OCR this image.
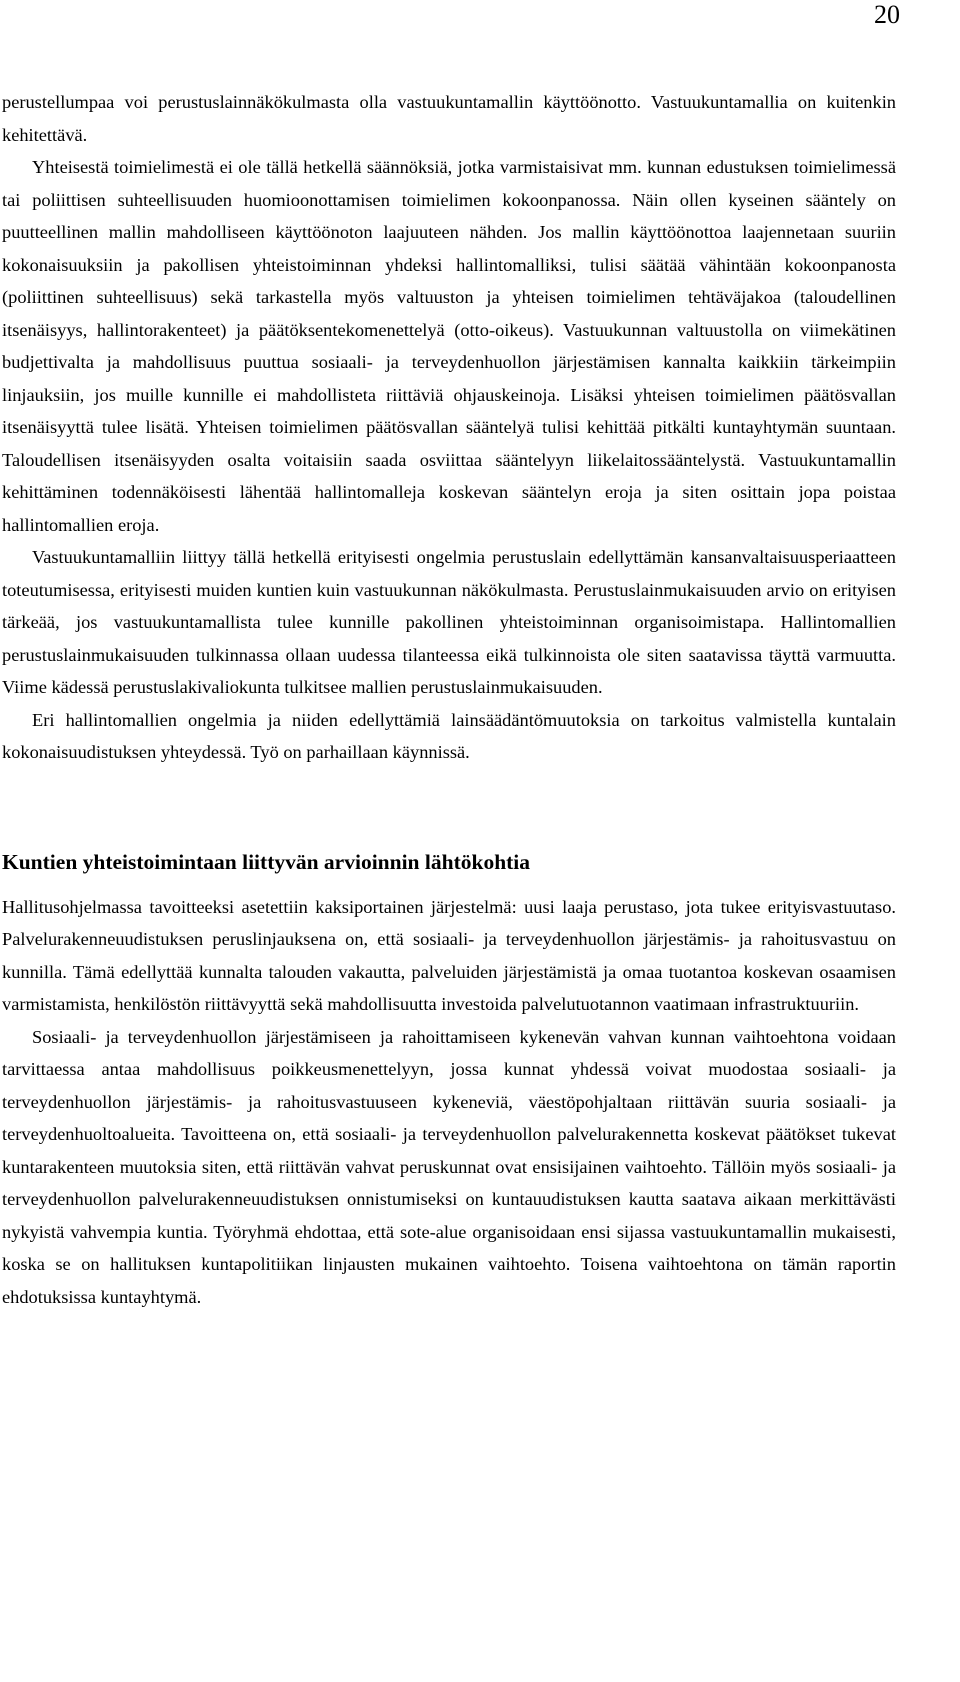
20

perustellumpaa voi perustuslainnäkökulmasta olla vastuukuntamallin käyttöönotto. Vastuukuntamallia on kuitenkin kehitettävä.

Yhteisestä toimielimestä ei ole tällä hetkellä säännöksiä, jotka varmistaisivat mm. kunnan edustuksen toimielimessä tai poliittisen suhteellisuuden huomioonottamisen toimielimen kokoonpanossa. Näin ollen kyseinen sääntely on puutteellinen mallin mahdolliseen käyttöönoton laajuuteen nähden. Jos mallin käyttöönottoa laajennetaan suuriin kokonaisuuksiin ja pakollisen yhteistoiminnan yhdeksi hallintomalliksi, tulisi säätää vähintään kokoonpanosta (poliittinen suhteellisuus) sekä tarkastella myös valtuuston ja yhteisen toimielimen tehtäväjakoa (taloudellinen itsenäisyys, hallintorakenteet) ja päätöksentekomenettelyä (otto-oikeus). Vastuukunnan valtuustolla on viimekätinen budjettivalta ja mahdollisuus puuttua sosiaali- ja terveydenhuollon järjestämisen kannalta kaikkiin tärkeimpiin linjauksiin, jos muille kunnille ei mahdollisteta riittäviä ohjauskeinoja. Lisäksi yhteisen toimielimen päätösvallan itsenäisyyttä tulee lisätä. Yhteisen toimielimen päätösvallan sääntelyä tulisi kehittää pitkälti kuntayhtymän suuntaan. Taloudellisen itsenäisyyden osalta voitaisiin saada osviittaa sääntelyyn liikelaitossääntelystä. Vastuukuntamallin kehittäminen todennäköisesti lähentää hallintomalleja koskevan sääntelyn eroja ja siten osittain jopa poistaa hallintomallien eroja.

Vastuukuntamalliin liittyy tällä hetkellä erityisesti ongelmia perustuslain edellyttämän kansanvaltaisuusperiaatteen toteutumisessa, erityisesti muiden kuntien kuin vastuukunnan näkökulmasta. Perustuslainmukaisuuden arvio on erityisen tärkeää, jos vastuukuntamallista tulee kunnille pakollinen yhteistoiminnan organisoimistapa. Hallintomallien perustuslainmukaisuuden tulkinnassa ollaan uudessa tilanteessa eikä tulkinnoista ole siten saatavissa täyttä varmuutta. Viime kädessä perustuslakivaliokunta tulkitsee mallien perustuslainmukaisuuden.

Eri hallintomallien ongelmia ja niiden edellyttämiä lainsäädäntömuutoksia on tarkoitus valmistella kuntalain kokonaisuudistuksen yhteydessä. Työ on parhaillaan käynnissä.

Kuntien yhteistoimintaan liittyvän arvioinnin lähtökohtia

Hallitusohjelmassa tavoitteeksi asetettiin kaksiportainen järjestelmä: uusi laaja perustaso, jota tukee erityisvastuutaso. Palvelurakenneuudistuksen peruslinjauksena on, että sosiaali- ja terveydenhuollon järjestämis- ja rahoitusvastuu on kunnilla. Tämä edellyttää kunnalta talouden vakautta, palveluiden järjestämistä ja omaa tuotantoa koskevan osaamisen varmistamista, henkilöstön riittävyyttä sekä mahdollisuutta investoida palvelutuotannon vaatimaan infrastruktuuriin.

Sosiaali- ja terveydenhuollon järjestämiseen ja rahoittamiseen kykenevän vahvan kunnan vaihtoehtona voidaan tarvittaessa antaa mahdollisuus poikkeusmenettelyyn, jossa kunnat yhdessä voivat muodostaa sosiaali- ja terveydenhuollon järjestämis- ja rahoitusvastuuseen kykeneviä, väestöpohjaltaan riittävän suuria sosiaali- ja terveydenhuoltoalueita. Tavoitteena on, että sosiaali- ja terveydenhuollon palvelurakennetta koskevat päätökset tukevat kuntarakenteen muutoksia siten, että riittävän vahvat peruskunnat ovat ensisijainen vaihtoehto. Tällöin myös sosiaali- ja terveydenhuollon palvelurakenneuudistuksen onnistumiseksi on kuntauudistuksen kautta saatava aikaan merkittävästi nykyistä vahvempia kuntia. Työryhmä ehdottaa, että sote-alue organisoidaan ensi sijassa vastuukuntamallin mukaisesti, koska se on hallituksen kuntapolitiikan linjausten mukainen vaihtoehto. Toisena vaihtoehtona on tämän raportin ehdotuksissa kuntayhtymä.
